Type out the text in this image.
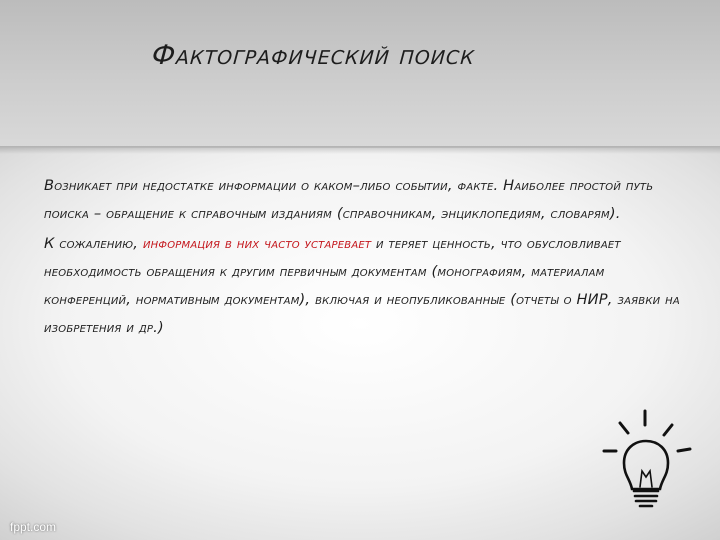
Фактографический поиск

Возникает при недостатке информации о каком–либо событии, факте. Наиболее простой путь поиска – обращение к справочным изданиям (справочникам, энциклопедиям, словарям).

К сожалению, информация в них часто устаревает и теряет ценность, что обусловливает необходимость обращения к другим первичным документам (монографиям, материалам конференций, нормативным документам), включая и неопубликованные (отчеты о НИР, заявки на изобретения и др.)

fppt.com
